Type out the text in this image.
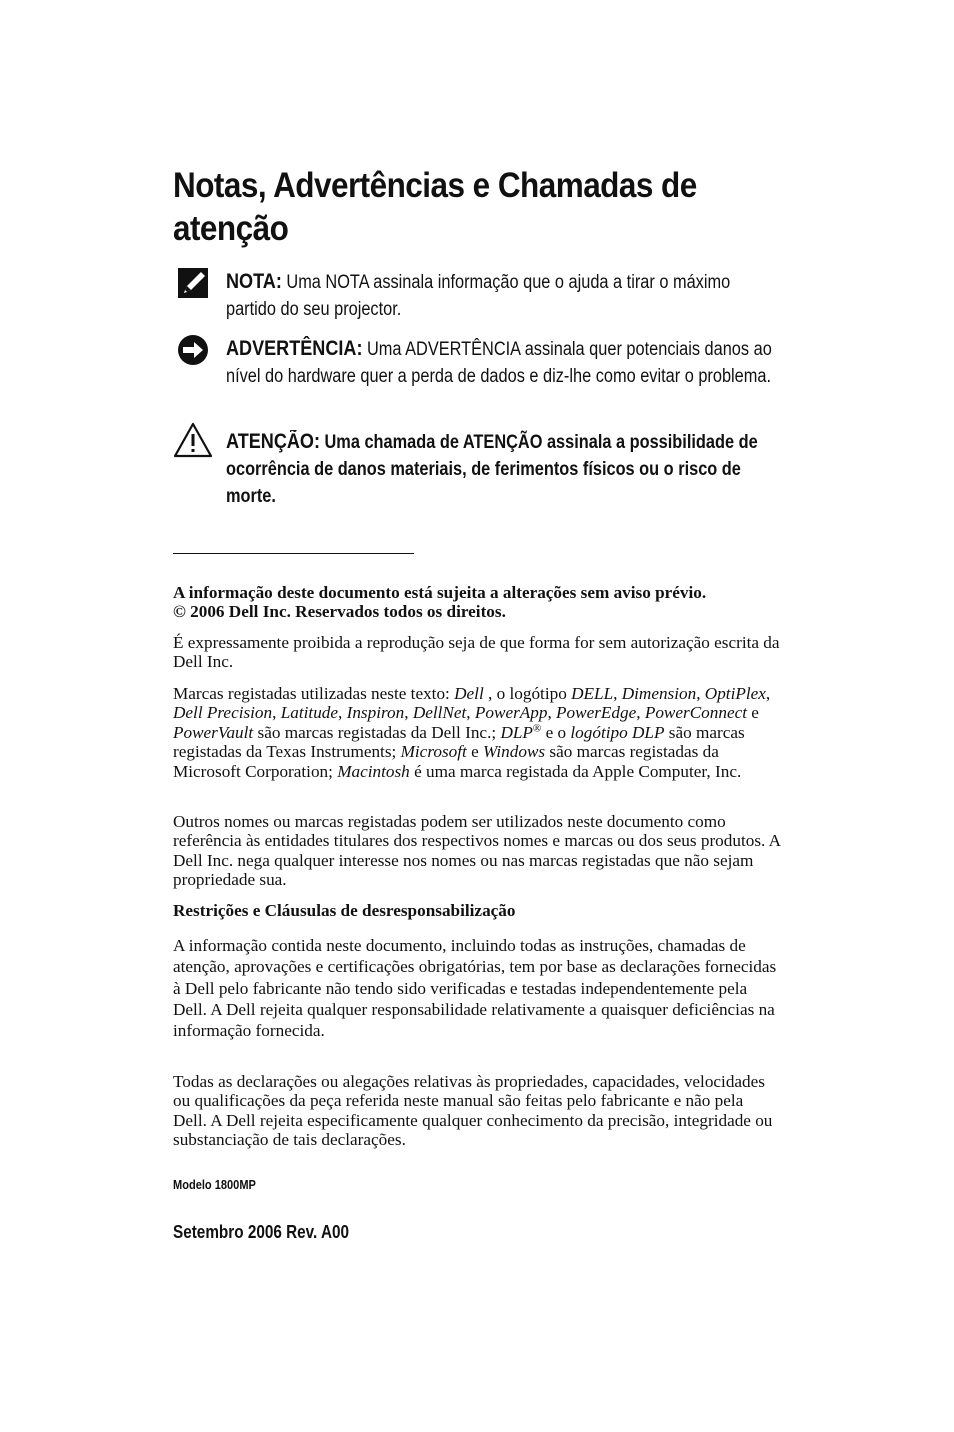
Notas, Advertências e Chamadas de atenção
NOTA: Uma NOTA assinala informação que o ajuda a tirar o máximo partido do seu projector.
ADVERTÊNCIA: Uma ADVERTÊNCIA assinala quer potenciais danos ao nível do hardware quer a perda de dados e diz-lhe como evitar o problema.
ATENÇÃO: Uma chamada de ATENÇÃO assinala a possibilidade de ocorrência de danos materiais, de ferimentos físicos ou o risco de morte.

A informação deste documento está sujeita a alterações sem aviso prévio.
© 2006 Dell Inc. Reservados todos os direitos.

É expressamente proibida a reprodução seja de que forma for sem autorização escrita da Dell Inc.

Marcas registadas utilizadas neste texto: Dell , o logótipo DELL, Dimension, OptiPlex, Dell Precision, Latitude, Inspiron, DellNet, PowerApp, PowerEdge, PowerConnect e PowerVault são marcas registadas da Dell Inc.; DLP® e o logótipo DLP são marcas registadas da Texas Instruments; Microsoft e Windows são marcas registadas da Microsoft Corporation; Macintosh é uma marca registada da Apple Computer, Inc.

Outros nomes ou marcas registadas podem ser utilizados neste documento como referência às entidades titulares dos respectivos nomes e marcas ou dos seus produtos. A Dell Inc. nega qualquer interesse nos nomes ou nas marcas registadas que não sejam propriedade sua.

Restrições e Cláusulas de desresponsabilização

A informação contida neste documento, incluindo todas as instruções, chamadas de atenção, aprovações e certificações obrigatórias, tem por base as declarações fornecidas à Dell pelo fabricante não tendo sido verificadas e testadas independentemente pela Dell. A Dell rejeita qualquer responsabilidade relativamente a quaisquer deficiências na informação fornecida.

Todas as declarações ou alegações relativas às propriedades, capacidades, velocidades ou qualificações da peça referida neste manual são feitas pelo fabricante e não pela Dell. A Dell rejeita especificamente qualquer conhecimento da precisão, integridade ou substanciação de tais declarações.

Modelo 1800MP

Setembro 2006 Rev. A00
